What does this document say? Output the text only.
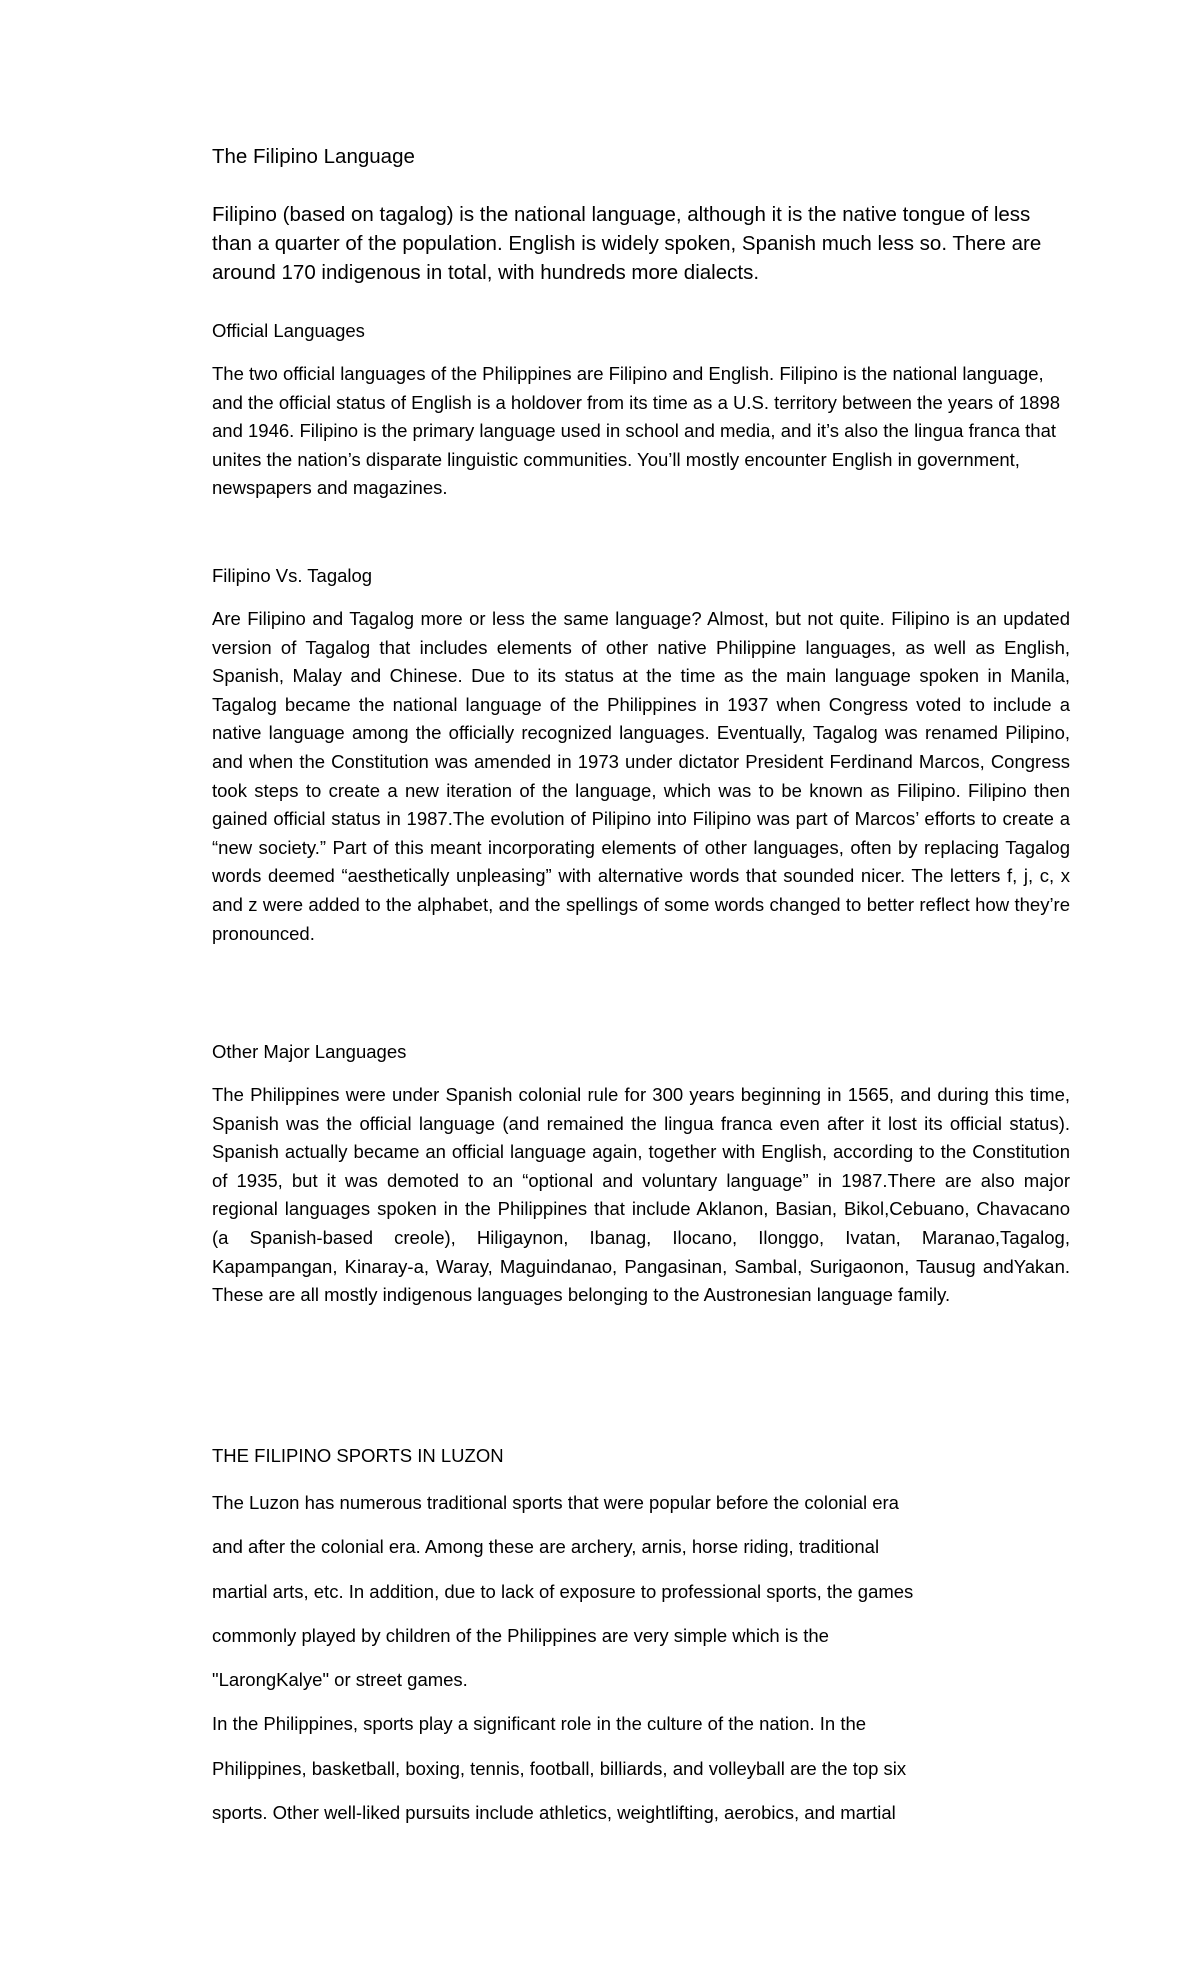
The Filipino Language

Filipino (based on tagalog) is the national language, although it is the native tongue of less than a quarter of the population. English is widely spoken, Spanish much less so. There are around 170 indigenous in total, with hundreds more dialects.

Official Languages

The two official languages of the Philippines are Filipino and English. Filipino is the national language, and the official status of English is a holdover from its time as a U.S. territory between the years of 1898 and 1946. Filipino is the primary language used in school and media, and it’s also the lingua franca that unites the nation’s disparate linguistic communities. You’ll mostly encounter English in government, newspapers and magazines.

Filipino Vs. Tagalog

Are Filipino and Tagalog more or less the same language? Almost, but not quite. Filipino is an updated version of Tagalog that includes elements of other native Philippine languages, as well as English, Spanish, Malay and Chinese. Due to its status at the time as the main language spoken in Manila, Tagalog became the national language of the Philippines in 1937 when Congress voted to include a native language among the officially recognized languages. Eventually, Tagalog was renamed Pilipino, and when the Constitution was amended in 1973 under dictator President Ferdinand Marcos, Congress took steps to create a new iteration of the language, which was to be known as Filipino. Filipino then gained official status in 1987.The evolution of Pilipino into Filipino was part of Marcos’ efforts to create a “new society.” Part of this meant incorporating elements of other languages, often by replacing Tagalog words deemed “aesthetically unpleasing” with alternative words that sounded nicer. The letters f, j, c, x and z were added to the alphabet, and the spellings of some words changed to better reflect how they’re pronounced.

Other Major Languages

The Philippines were under Spanish colonial rule for 300 years beginning in 1565, and during this time, Spanish was the official language (and remained the lingua franca even after it lost its official status). Spanish actually became an official language again, together with English, according to the Constitution of 1935, but it was demoted to an “optional and voluntary language” in 1987.There are also major regional languages spoken in the Philippines that include Aklanon, Basian, Bikol,Cebuano, Chavacano (a Spanish-based creole), Hiligaynon, Ibanag, Ilocano, Ilonggo, Ivatan, Maranao,Tagalog, Kapampangan, Kinaray-a, Waray, Maguindanao, Pangasinan, Sambal, Surigaonon, Tausug andYakan. These are all mostly indigenous languages belonging to the Austronesian language family.

THE FILIPINO SPORTS IN LUZON

The Luzon has numerous traditional sports that were popular before the colonial era
and after the colonial era. Among these are archery, arnis, horse riding, traditional
martial arts, etc. In addition, due to lack of exposure to professional sports, the games
commonly played by children of the Philippines are very simple which is the
"LarongKalye" or street games.
In the Philippines, sports play a significant role in the culture of the nation. In the
Philippines, basketball, boxing, tennis, football, billiards, and volleyball are the top six
sports. Other well-liked pursuits include athletics, weightlifting, aerobics, and martial
